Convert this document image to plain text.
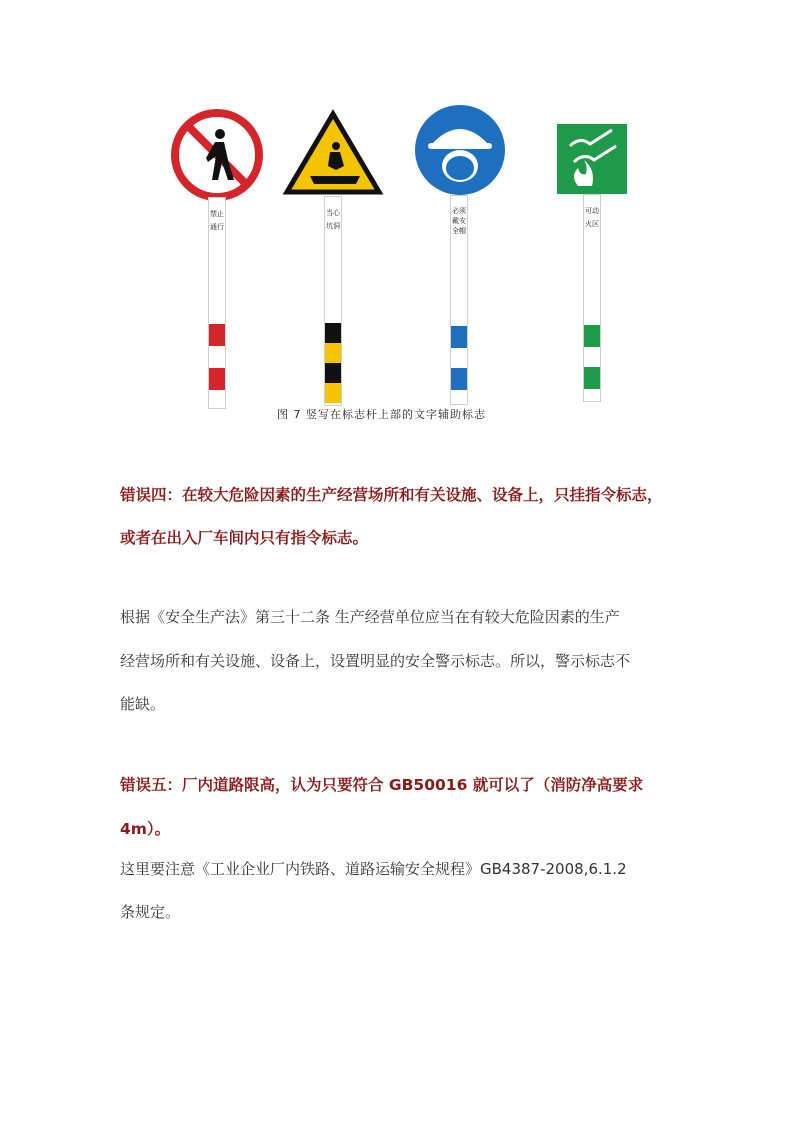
禁止通行
当心坑洞
必须戴安全帽
可动火区
图 7 竖写在标志杆上部的文字辅助标志

错误四：在较大危险因素的生产经营场所和有关设施、设备上，只挂指令标志，

或者在出入厂车间内只有指令标志。

根据《安全生产法》第三十二条 生产经营单位应当在有较大危险因素的生产

经营场所和有关设施、设备上，设置明显的安全警示标志。所以，警示标志不

能缺。

错误五：厂内道路限高，认为只要符合 GB50016 就可以了（消防净高要求

4m）。

这里要注意《工业企业厂内铁路、道路运输安全规程》GB4387-2008,6.1.2

条规定。
